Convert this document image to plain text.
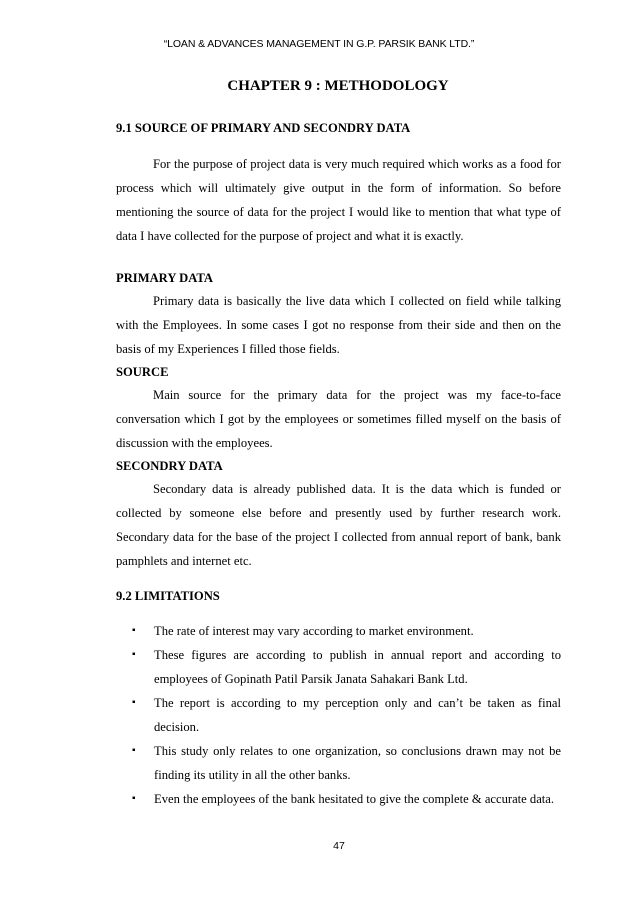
“LOAN & ADVANCES MANAGEMENT IN G.P. PARSIK BANK LTD.”
CHAPTER 9 : METHODOLOGY
9.1 SOURCE OF PRIMARY AND SECONDRY DATA

For the purpose of project data is very much required which works as a food for process which will ultimately give output in the form of information. So before mentioning the source of data for the project I would like to mention that what type of data I have collected for the purpose of project and what it is exactly.

PRIMARY DATA

Primary data is basically the live data which I collected on field while talking with the Employees. In some cases I got no response from their side and then on the basis of my Experiences I filled those fields.

SOURCE

Main source for the primary data for the project was my face-to-face conversation which I got by the employees or sometimes filled myself on the basis of discussion with the employees.

SECONDRY DATA

Secondary data is already published data. It is the data which is funded or collected by someone else before and presently used by further research work. Secondary data for the base of the project I collected from annual report of bank, bank pamphlets and internet etc.

9.2 LIMITATIONS
▪ The rate of interest may vary according to market environment.
▪ These figures are according to publish in annual report and according to employees of Gopinath Patil Parsik Janata Sahakari Bank Ltd.
▪ The report is according to my perception only and can’t be taken as final decision.
▪ This study only relates to one organization, so conclusions drawn may not be finding its utility in all the other banks.
▪ Even the employees of the bank hesitated to give the complete & accurate data.
47
